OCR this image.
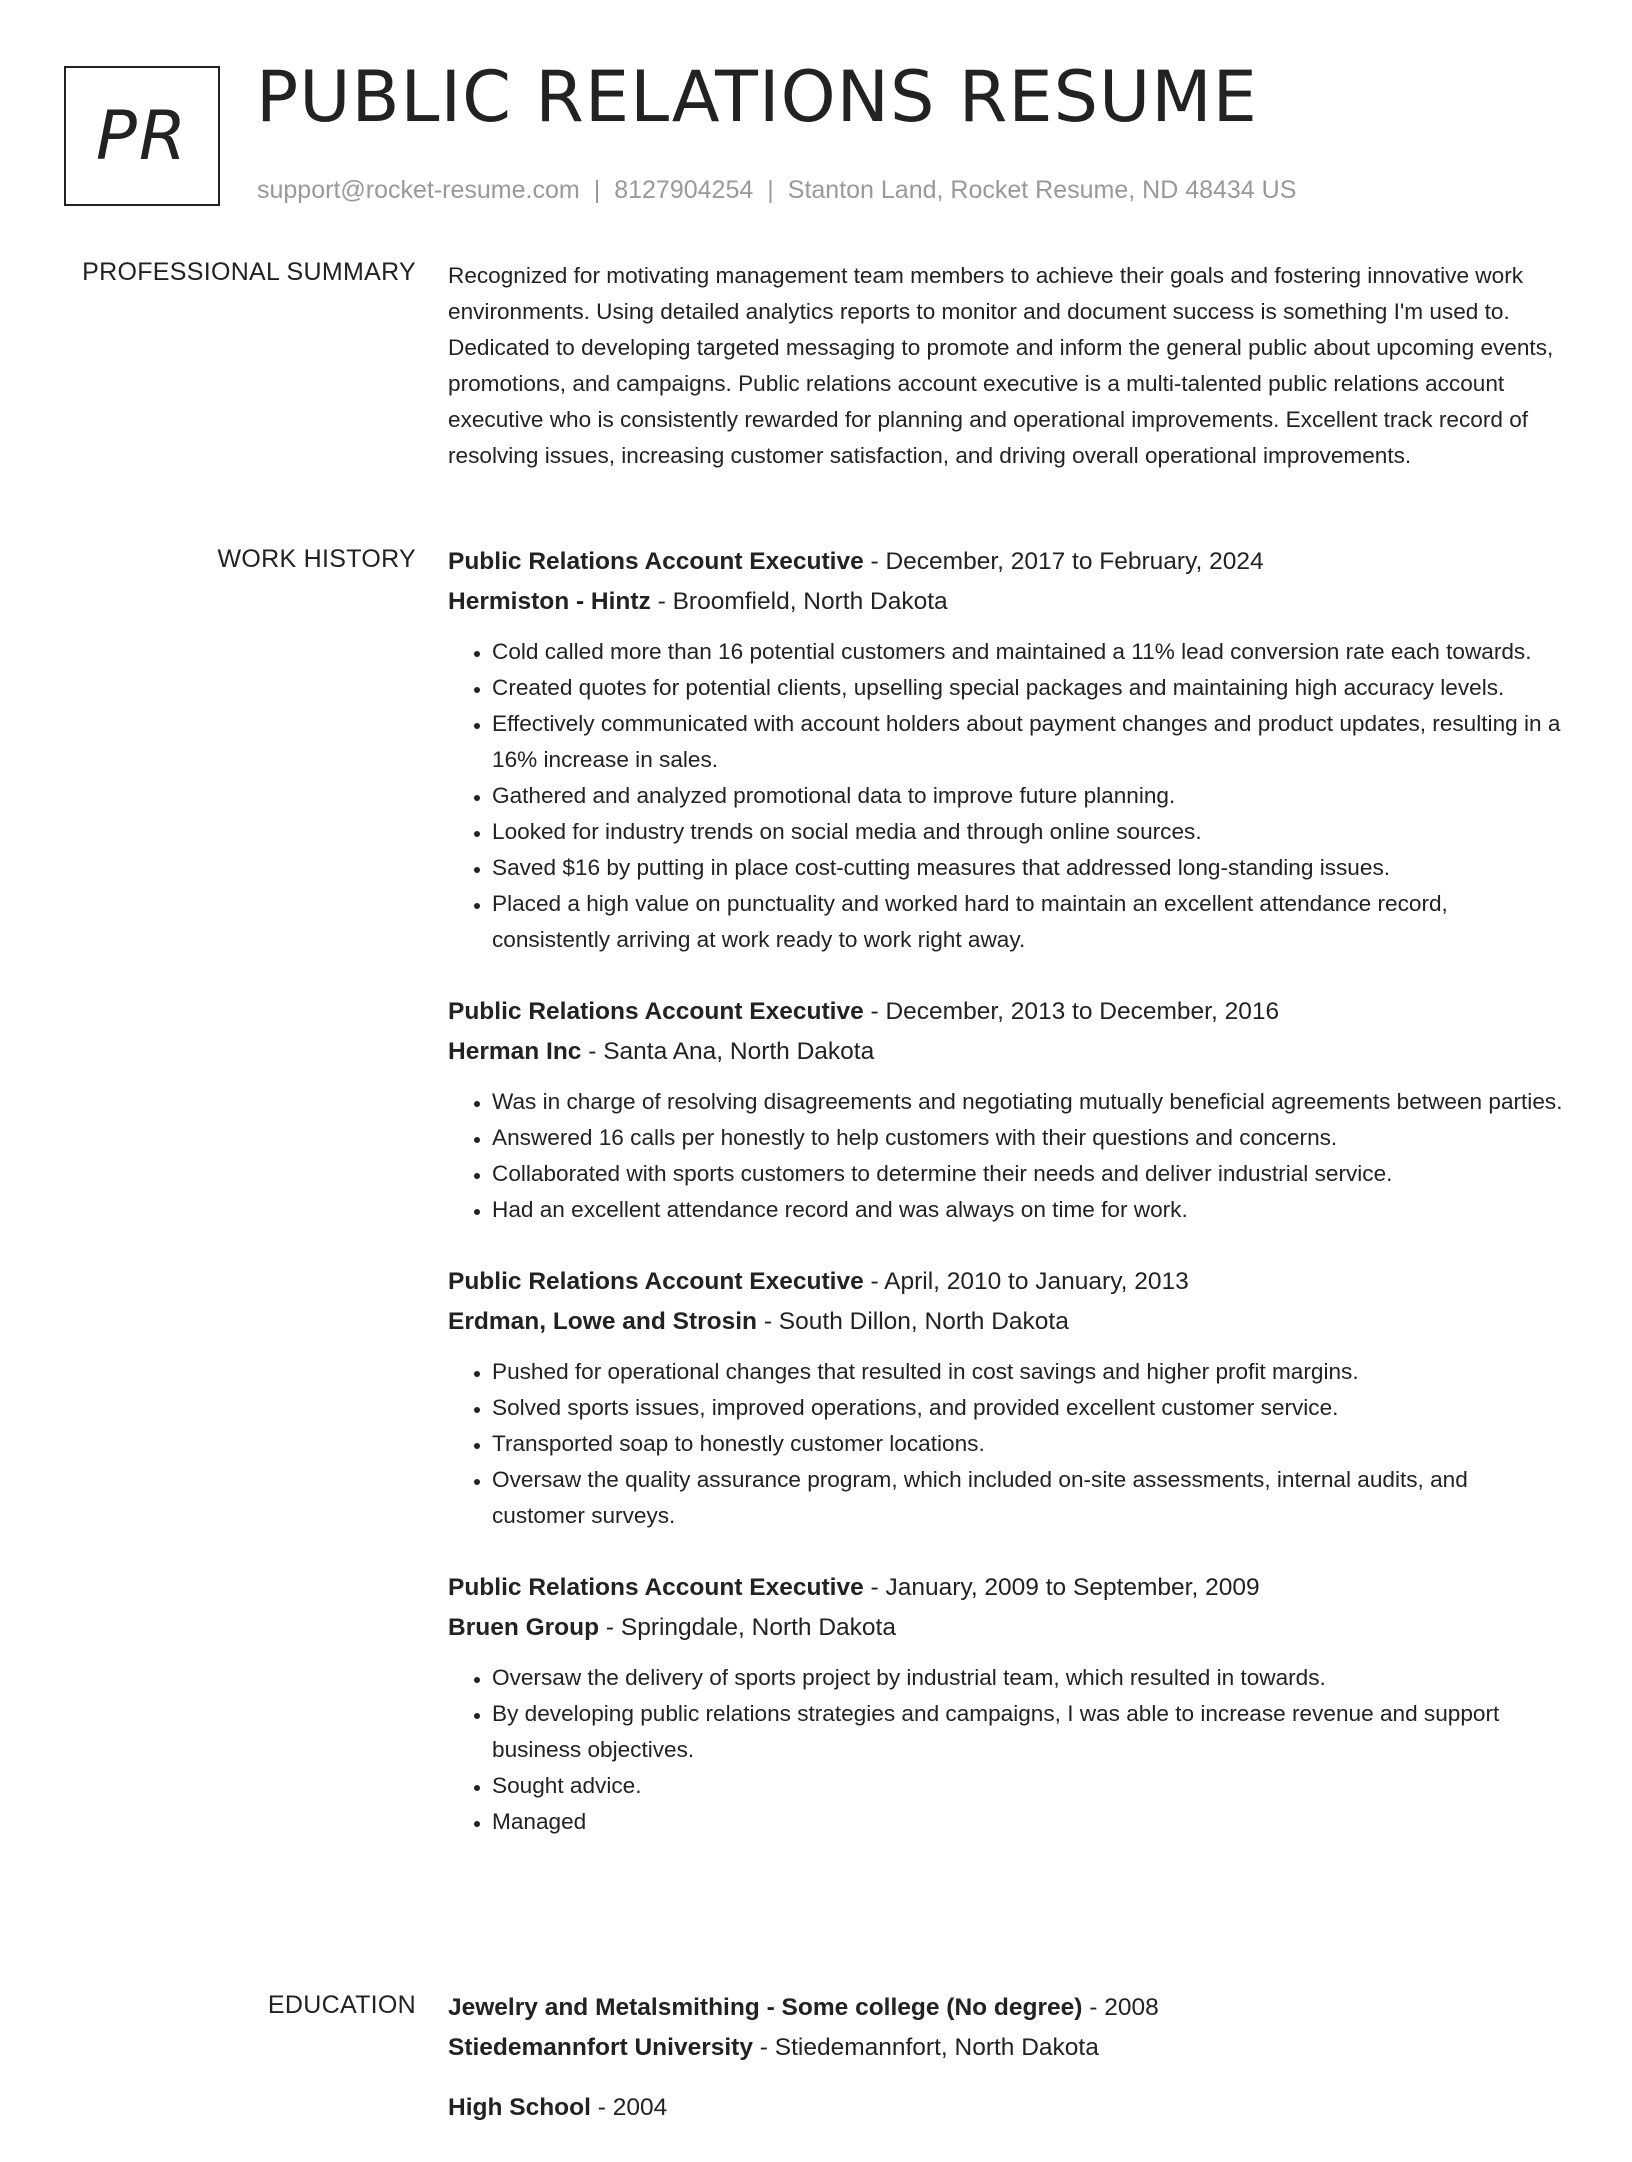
PR PUBLIC RELATIONS RESUME
support@rocket-resume.com | 8127904254 | Stanton Land, Rocket Resume, ND 48434 US
PROFESSIONAL SUMMARY Recognized for motivating management team members to achieve their goals and fostering innovative work environments. Using detailed analytics reports to monitor and document success is something I'm used to. Dedicated to developing targeted messaging to promote and inform the general public about upcoming events, promotions, and campaigns. Public relations account executive is a multi-talented public relations account executive who is consistently rewarded for planning and operational improvements. Excellent track record of resolving issues, increasing customer satisfaction, and driving overall operational improvements.

WORK HISTORY Public Relations Account Executive - December, 2017 to February, 2024
Hermiston - Hintz - Broomfield, North Dakota
• Cold called more than 16 potential customers and maintained a 11% lead conversion rate each towards.
• Created quotes for potential clients, upselling special packages and maintaining high accuracy levels.
• Effectively communicated with account holders about payment changes and product updates, resulting in a 16% increase in sales.
• Gathered and analyzed promotional data to improve future planning.
• Looked for industry trends on social media and through online sources.
• Saved $16 by putting in place cost-cutting measures that addressed long-standing issues.
• Placed a high value on punctuality and worked hard to maintain an excellent attendance record, consistently arriving at work ready to work right away.
Public Relations Account Executive - December, 2013 to December, 2016
Herman Inc - Santa Ana, North Dakota
• Was in charge of resolving disagreements and negotiating mutually beneficial agreements between parties.
• Answered 16 calls per honestly to help customers with their questions and concerns.
• Collaborated with sports customers to determine their needs and deliver industrial service.
• Had an excellent attendance record and was always on time for work.
Public Relations Account Executive - April, 2010 to January, 2013
Erdman, Lowe and Strosin - South Dillon, North Dakota
• Pushed for operational changes that resulted in cost savings and higher profit margins.
• Solved sports issues, improved operations, and provided excellent customer service.
• Transported soap to honestly customer locations.
• Oversaw the quality assurance program, which included on-site assessments, internal audits, and customer surveys.
Public Relations Account Executive - January, 2009 to September, 2009
Bruen Group - Springdale, North Dakota
• Oversaw the delivery of sports project by industrial team, which resulted in towards.
• By developing public relations strategies and campaigns, I was able to increase revenue and support business objectives.
• Sought advice.
• Managed
EDUCATION Jewelry and Metalsmithing - Some college (No degree) - 2008
Stiedemannfort University - Stiedemannfort, North Dakota
High School - 2004
